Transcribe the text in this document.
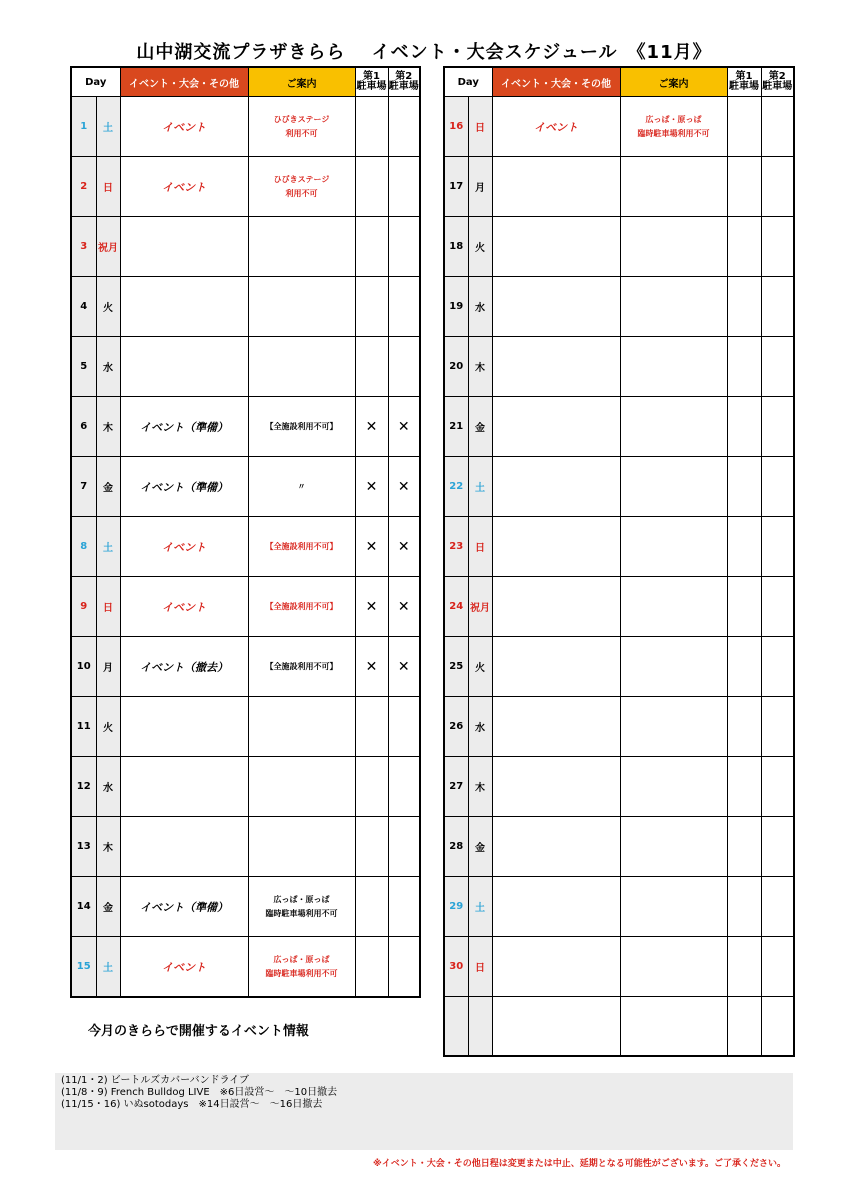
山中湖交流プラザきらら　 イベント・大会スケジュール　《11月》
Day		イベント・大会・その他	ご案内	第1
駐車場	第2
駐車場
1	土	イベント	ひびきステージ
利用不可		
2	日	イベント	ひびきステージ
利用不可		
3	祝月				
4	火				
5	水				
6	木	イベント（準備）	【全施設利用不可】	✕	✕
7	金	イベント（準備）	〃	✕	✕
8	土	イベント	【全施設利用不可】	✕	✕
9	日	イベント	【全施設利用不可】	✕	✕
10	月	イベント（撤去）	【全施設利用不可】	✕	✕
11	火				
12	水				
13	木				
14	金	イベント（準備）	広っぱ・原っぱ
臨時駐車場利用不可		
15	土	イベント	広っぱ・原っぱ
臨時駐車場利用不可		
Day		イベント・大会・その他	ご案内	第1
駐車場	第2
駐車場
16	日	イベント	広っぱ・原っぱ
臨時駐車場利用不可		
17	月				
18	火				
19	水				
20	木				
21	金				
22	土				
23	日				
24	祝月				
25	火				
26	水				
27	木				
28	金				
29	土				
30	日				

今月のきららで開催するイベント情報
(11/1・2) ビートルズカバーバンドライブ
(11/8・9) French Bulldog LIVE　※6日設営～　～10日撤去
(11/15・16) いぬsotodays　※14日設営～　～16日撤去
※イベント・大会・その他日程は変更または中止、延期となる可能性がございます。ご了承ください。
